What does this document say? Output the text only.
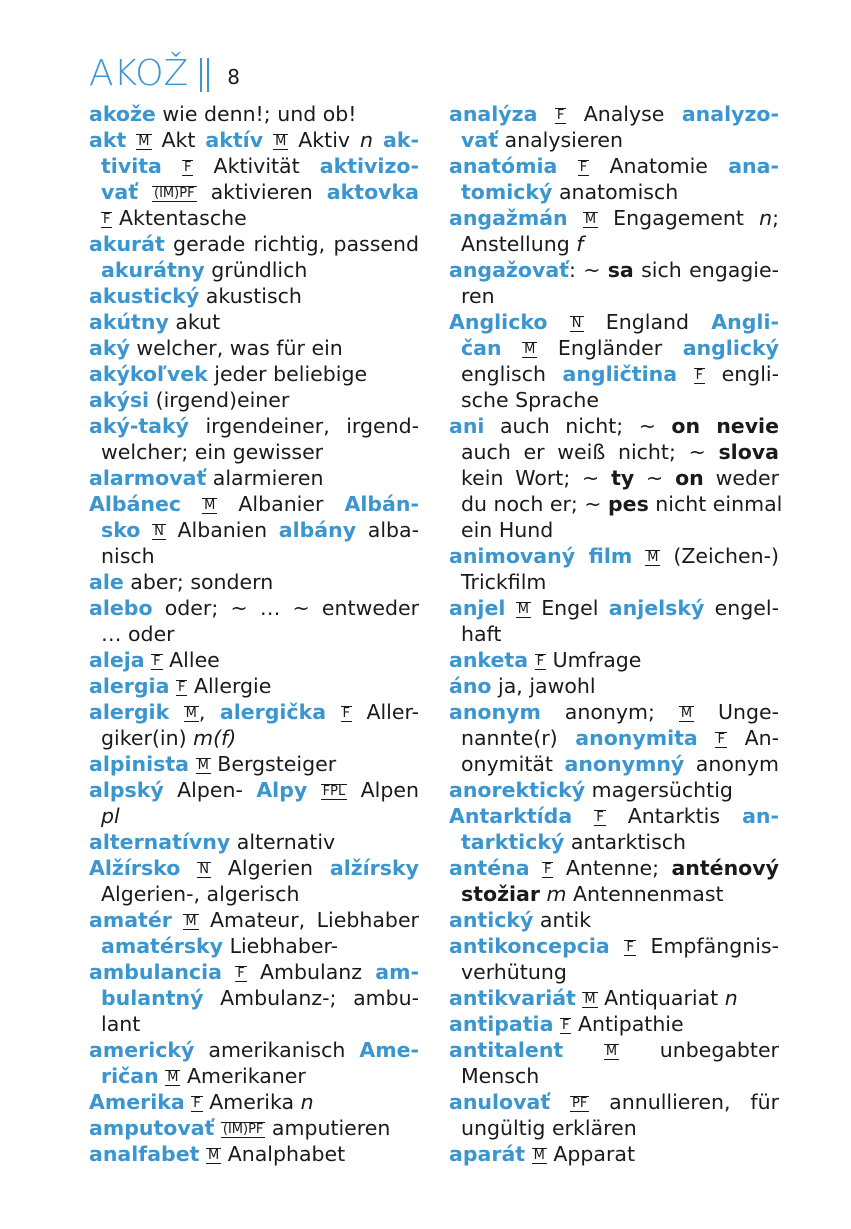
AKOŽ 8
akože wie denn!; und ob!
akt M Akt aktív M Aktiv n ak-
tivita F Aktivität aktivizo-
vať (IM)PF aktivieren aktovka
F Aktentasche
akurát gerade richtig, passend
akurátny gründlich
akustický akustisch
akútny akut
aký welcher, was für ein
akýkoľvek jeder beliebige
akýsi (irgend)einer
aký-taký irgendeiner, irgend-
welcher; ein gewisser
alarmovať alarmieren
Albánec M Albanier Albán-
sko N Albanien albány alba-
nisch
ale aber; sondern
alebo oder; ~ … ~ entweder
… oder
aleja F Allee
alergia F Allergie
alergik M, alergička F Aller-
giker(in) m(f)
alpinista M Bergsteiger
alpský Alpen- Alpy FPL Alpen
pl
alternatívny alternativ
Alžírsko N Algerien alžírsky
Algerien-, algerisch
amatér M Amateur, Liebhaber
amatérsky Liebhaber-
ambulancia F Ambulanz am-
bulantný Ambulanz-; ambu-
lant
americký amerikanisch Ame-
ričan M Amerikaner
Amerika F Amerika n
amputovať (IM)PF amputieren
analfabet M Analphabet
analýza F Analyse analyzo-
vať analysieren
anatómia F Anatomie ana-
tomický anatomisch
angažmán M Engagement n;
Anstellung f
angažovať: ~ sa sich engagie-
ren
Anglicko N England Angli-
čan M Engländer anglický
englisch angličtina F engli-
sche Sprache
ani auch nicht; ~ on nevie
auch er weiß nicht; ~ slova
kein Wort; ~ ty ~ on weder
du noch er; ~ pes nicht einmal
ein Hund
animovaný film M (Zeichen-)
Trickfilm
anjel M Engel anjelský engel-
haft
anketa F Umfrage
áno ja, jawohl
anonym anonym; M Unge-
nannte(r) anonymita F An-
onymität anonymný anonym
anorektický magersüchtig
Antarktída F Antarktis an-
tarktický antarktisch
anténa F Antenne; anténový
stožiar m Antennenmast
antický antik
antikoncepcia F Empfängnis-
verhütung
antikvariát M Antiquariat n
antipatia F Antipathie
antitalent	M unbegabter
Mensch
anulovať PF annullieren, für
ungültig erklären
aparát M Apparat
